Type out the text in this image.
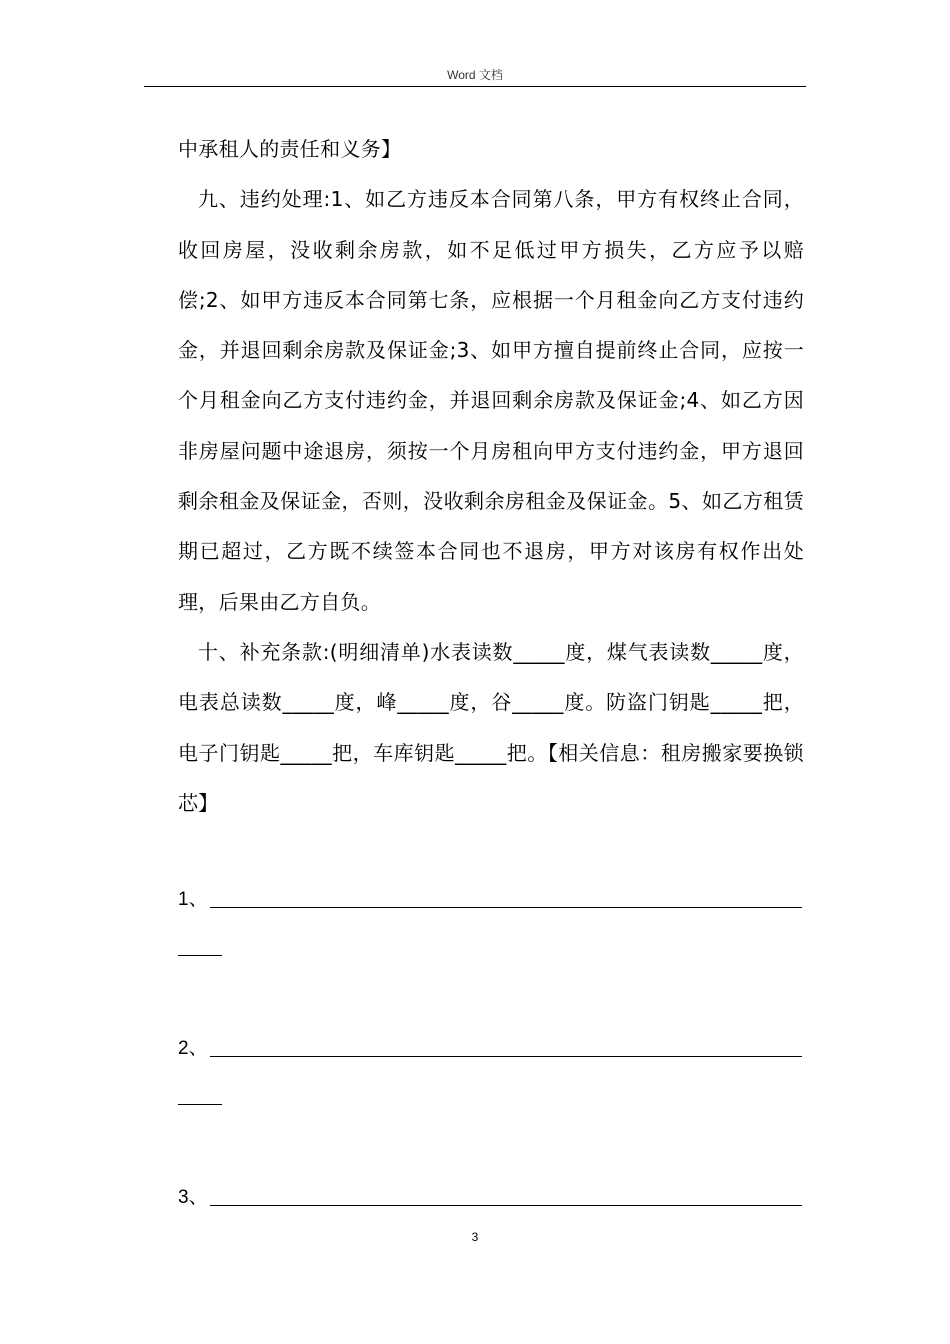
Word 文档

中承租人的责任和义务】

九、违约处理:1、如乙方违反本合同第八条，甲方有权终止合同，收回房屋，没收剩余房款，如不足低过甲方损失，乙方应予以赔偿;2、如甲方违反本合同第七条，应根据一个月租金向乙方支付违约金，并退回剩余房款及保证金;3、如甲方擅自提前终止合同，应按一个月租金向乙方支付违约金，并退回剩余房款及保证金;4、如乙方因非房屋问题中途退房，须按一个月房租向甲方支付违约金，甲方退回剩余租金及保证金，否则，没收剩余房租金及保证金。5、如乙方租赁期已超过，乙方既不续签本合同也不退房，甲方对该房有权作出处理，后果由乙方自负。

十、补充条款:(明细清单)水表读数_____度，煤气表读数_____度，电表总读数_____度，峰_____度，谷_____度。防盗门钥匙_____把，电子门钥匙_____把，车库钥匙_____把。【相关信息：租房搬家要换锁芯】

1、
2、
3、
3
